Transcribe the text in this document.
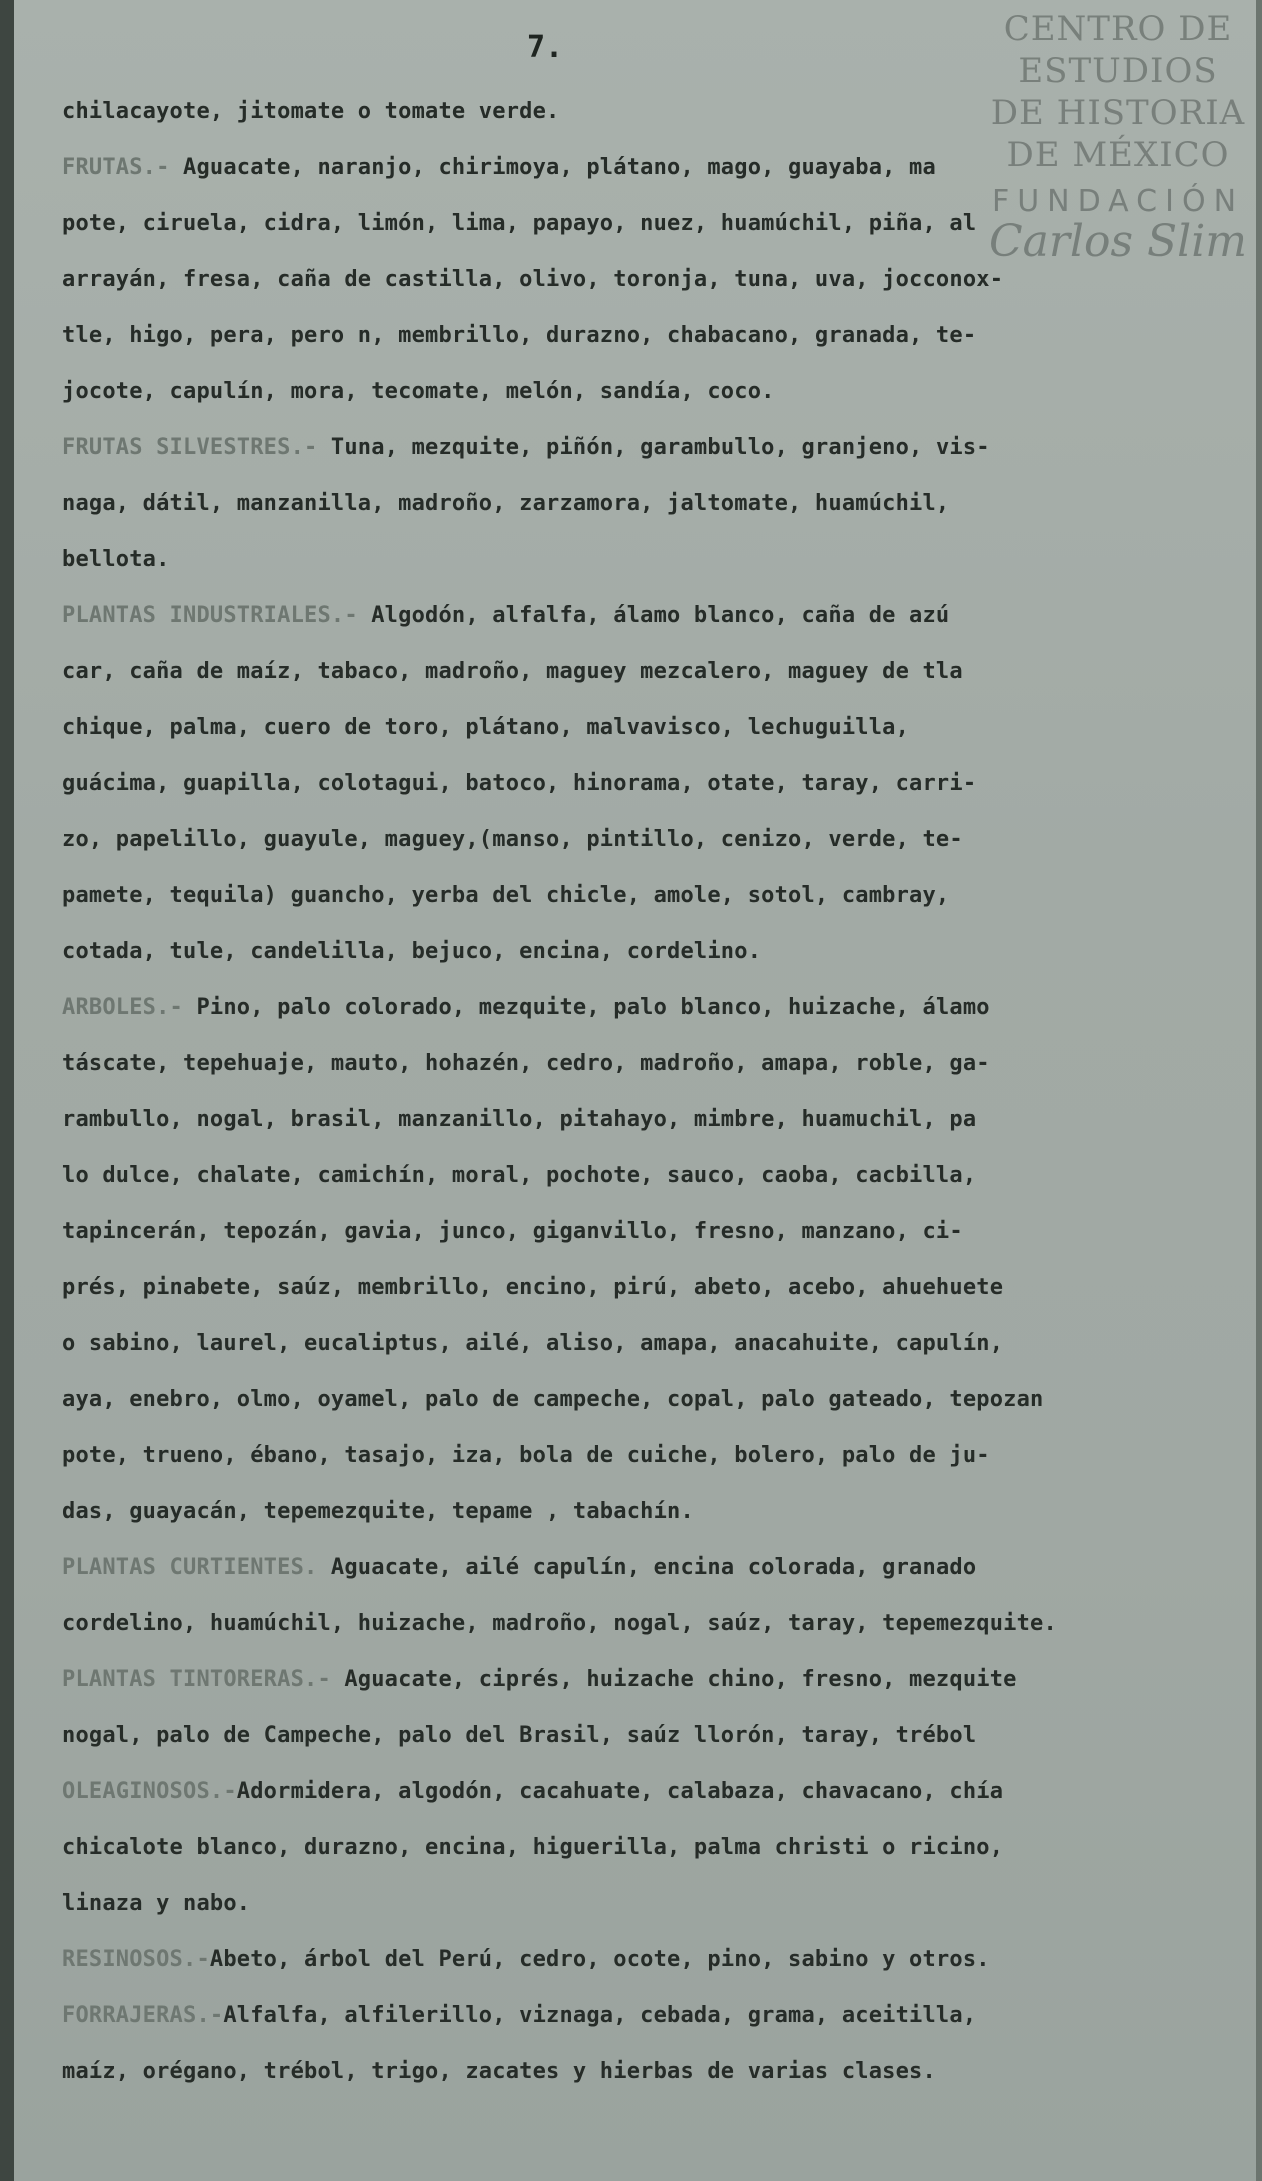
7.	CENTRO DE
ESTUDIOS
DE HISTORIA
DE MÉXICO
FUNDACIÓN
Carlos Slim
chilacayote, jitomate o tomate verde.
FRUTAS.- Aguacate, naranjo, chirimoya, plátano, mago, guayaba, ma
pote, ciruela, cidra, limón, lima, papayo, nuez, huamúchil, piña, al
arrayán, fresa, caña de castilla, olivo, toronja, tuna, uva, jocconox-
tle, higo, pera, pero n, membrillo, durazno, chabacano, granada, te-
jocote, capulín, mora, tecomate, melón, sandía, coco.
FRUTAS SILVESTRES.- Tuna, mezquite, piñón, garambullo, granjeno, vis-
naga, dátil, manzanilla, madroño, zarzamora, jaltomate, huamúchil,
bellota.
PLANTAS INDUSTRIALES.- Algodón, alfalfa, álamo blanco, caña de azú
car, caña de maíz, tabaco, madroño, maguey mezcalero, maguey de tla
chique, palma, cuero de toro, plátano, malvavisco, lechuguilla,
guácima, guapilla, colotagui, batoco, hinorama, otate, taray, carri-
zo, papelillo, guayule, maguey,(manso, pintillo, cenizo, verde, te-
pamete, tequila) guancho, yerba del chicle, amole, sotol, cambray,
cotada, tule, candelilla, bejuco, encina, cordelino.
ARBOLES.- Pino, palo colorado, mezquite, palo blanco, huizache, álamo
táscate, tepehuaje, mauto, hohazén, cedro, madroño, amapa, roble, ga-
rambullo, nogal, brasil, manzanillo, pitahayo, mimbre, huamuchil, pa
lo dulce, chalate, camichín, moral, pochote, sauco, caoba, cacbilla,
tapincerán, tepozán, gavia, junco, giganvillo, fresno, manzano, ci-
prés, pinabete, saúz, membrillo, encino, pirú, abeto, acebo, ahuehuete
o sabino, laurel, eucaliptus, ailé, aliso, amapa, anacahuite, capulín,
aya, enebro, olmo, oyamel, palo de campeche, copal, palo gateado, tepozan
pote, trueno, ébano, tasajo, iza, bola de cuiche, bolero, palo de ju-
das, guayacán, tepemezquite, tepame , tabachín.
PLANTAS CURTIENTES. Aguacate, ailé capulín, encina colorada, granado
cordelino, huamúchil, huizache, madroño, nogal, saúz, taray, tepemezquite.
PLANTAS TINTORERAS.- Aguacate, ciprés, huizache chino, fresno, mezquite
nogal, palo de Campeche, palo del Brasil, saúz llorón, taray, trébol
OLEAGINOSOS.-Adormidera, algodón, cacahuate, calabaza, chavacano, chía
chicalote blanco, durazno, encina, higuerilla, palma christi o ricino,
linaza y nabo.
RESINOSOS.-Abeto, árbol del Perú, cedro, ocote, pino, sabino y otros.
FORRAJERAS.-Alfalfa, alfilerillo, viznaga, cebada, grama, aceitilla,
maíz, orégano, trébol, trigo, zacates y hierbas de varias clases.
